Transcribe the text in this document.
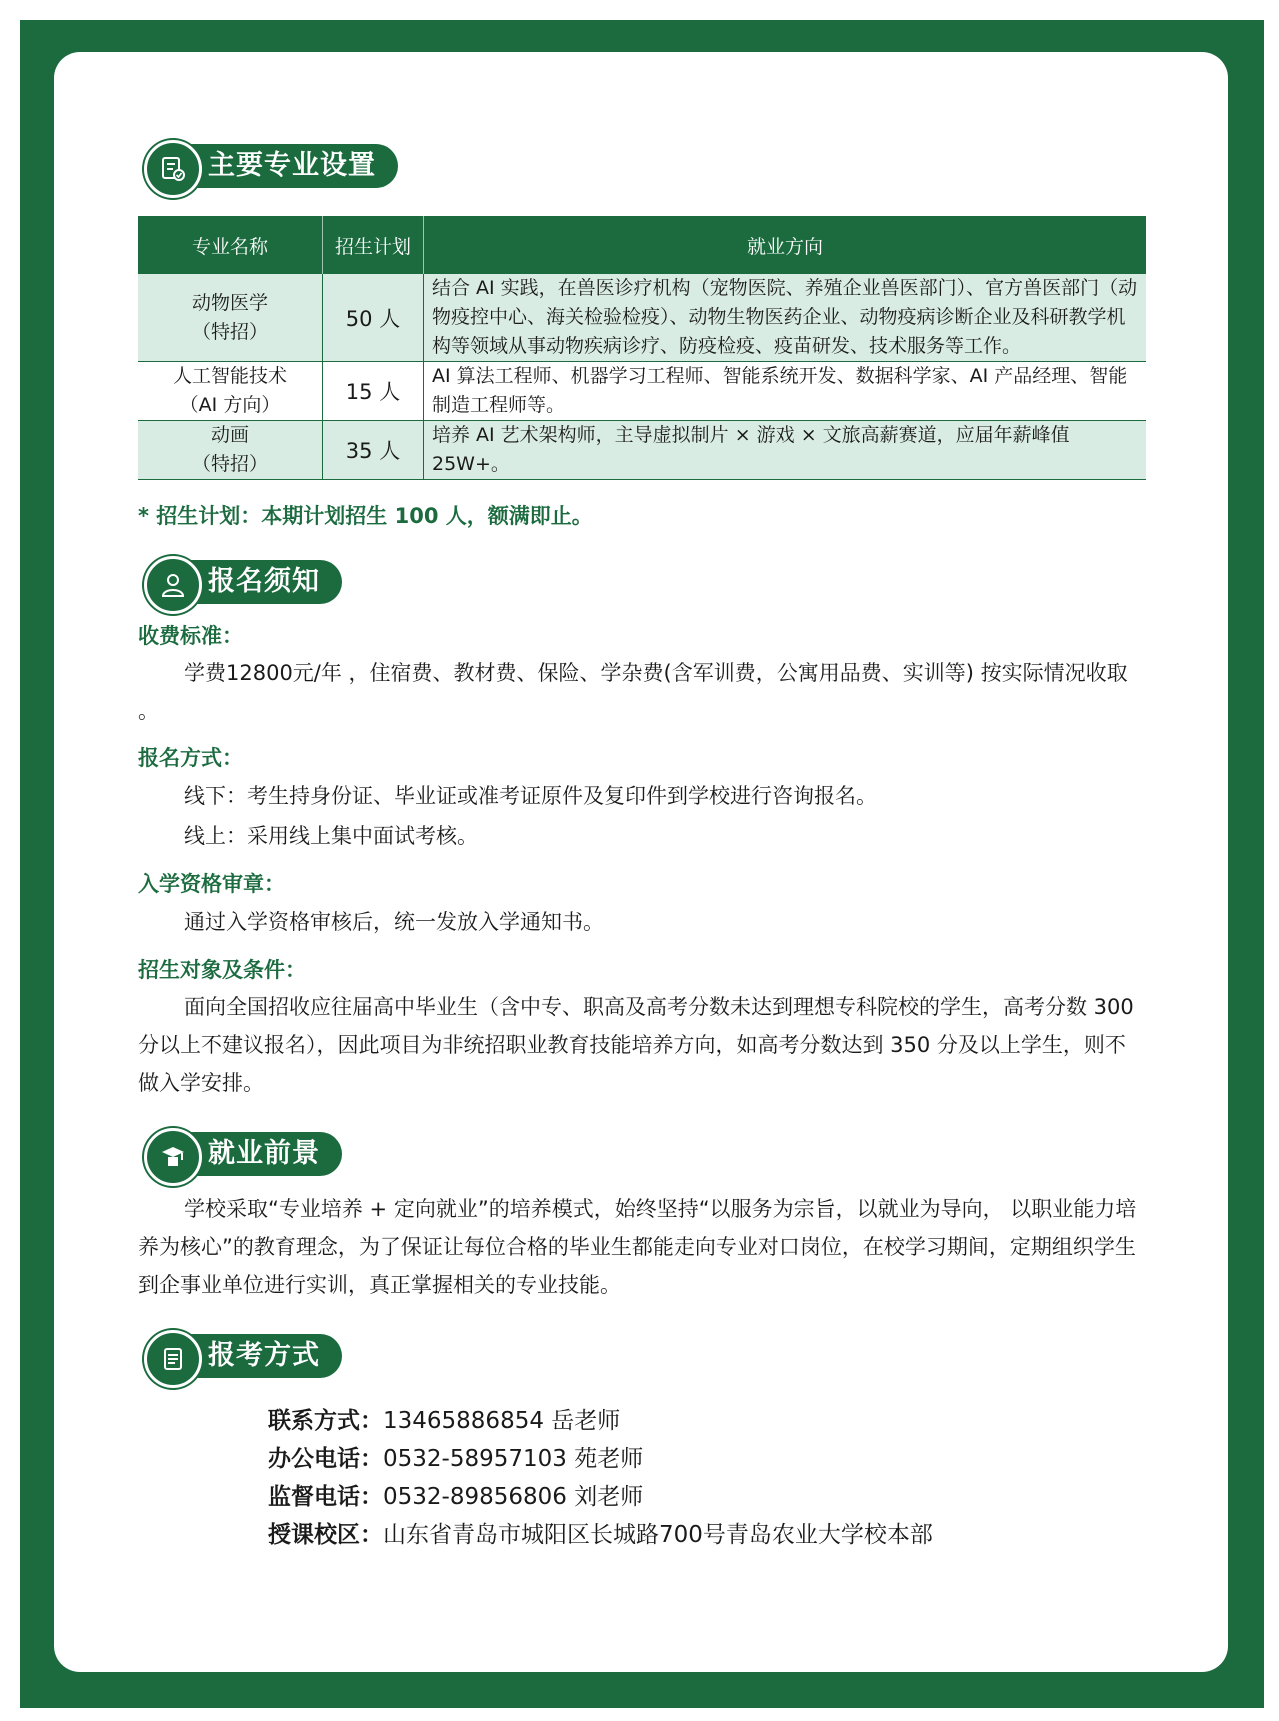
主要专业设置
专业名称	招生计划	就业方向

动物医学
（特招）	50 人	结合 AI 实践，在兽医诊疗机构（宠物医院、养殖企业兽医部门）、官方兽医部门（动物疫控中心、海关检验检疫）、动物生物医药企业、动物疫病诊断企业及科研教学机构等领域从事动物疾病诊疗、防疫检疫、疫苗研发、技术服务等工作。

人工智能技术
（AI 方向）	15 人	AI 算法工程师、机器学习工程师、智能系统开发、数据科学家、AI 产品经理、智能制造工程师等。

动画
（特招）	35 人	培养 AI 艺术架构师，主导虚拟制片 × 游戏 × 文旅高薪赛道，应届年薪峰值 25W+。
* 招生计划：本期计划招生 100 人，额满即止。
报名须知
收费标准：
学费12800元/年 ，住宿费、教材费、保险、学杂费(含军训费，公寓用品费、实训等) 按实际情况收取 。
报名方式：
线下：考生持身份证、毕业证或准考证原件及复印件到学校进行咨询报名。
线上：采用线上集中面试考核。
入学资格审章：
通过入学资格审核后，统一发放入学通知书。
招生对象及条件：
面向全国招收应往届高中毕业生（含中专、职高及高考分数未达到理想专科院校的学生，高考分数 300 分以上不建议报名），因此项目为非统招职业教育技能培养方向，如高考分数达到 350 分及以上学生，则不做入学安排。
就业前景
学校采取“专业培养 + 定向就业”的培养模式，始终坚持“以服务为宗旨，以就业为导向， 以职业能力培养为核心”的教育理念，为了保证让每位合格的毕业生都能走向专业对口岗位，在校学习期间，定期组织学生到企事业单位进行实训，真正掌握相关的专业技能。
报考方式
联系方式：13465886854 岳老师
办公电话：0532-58957103 苑老师
监督电话：0532-89856806 刘老师
授课校区：山东省青岛市城阳区长城路700号青岛农业大学校本部
